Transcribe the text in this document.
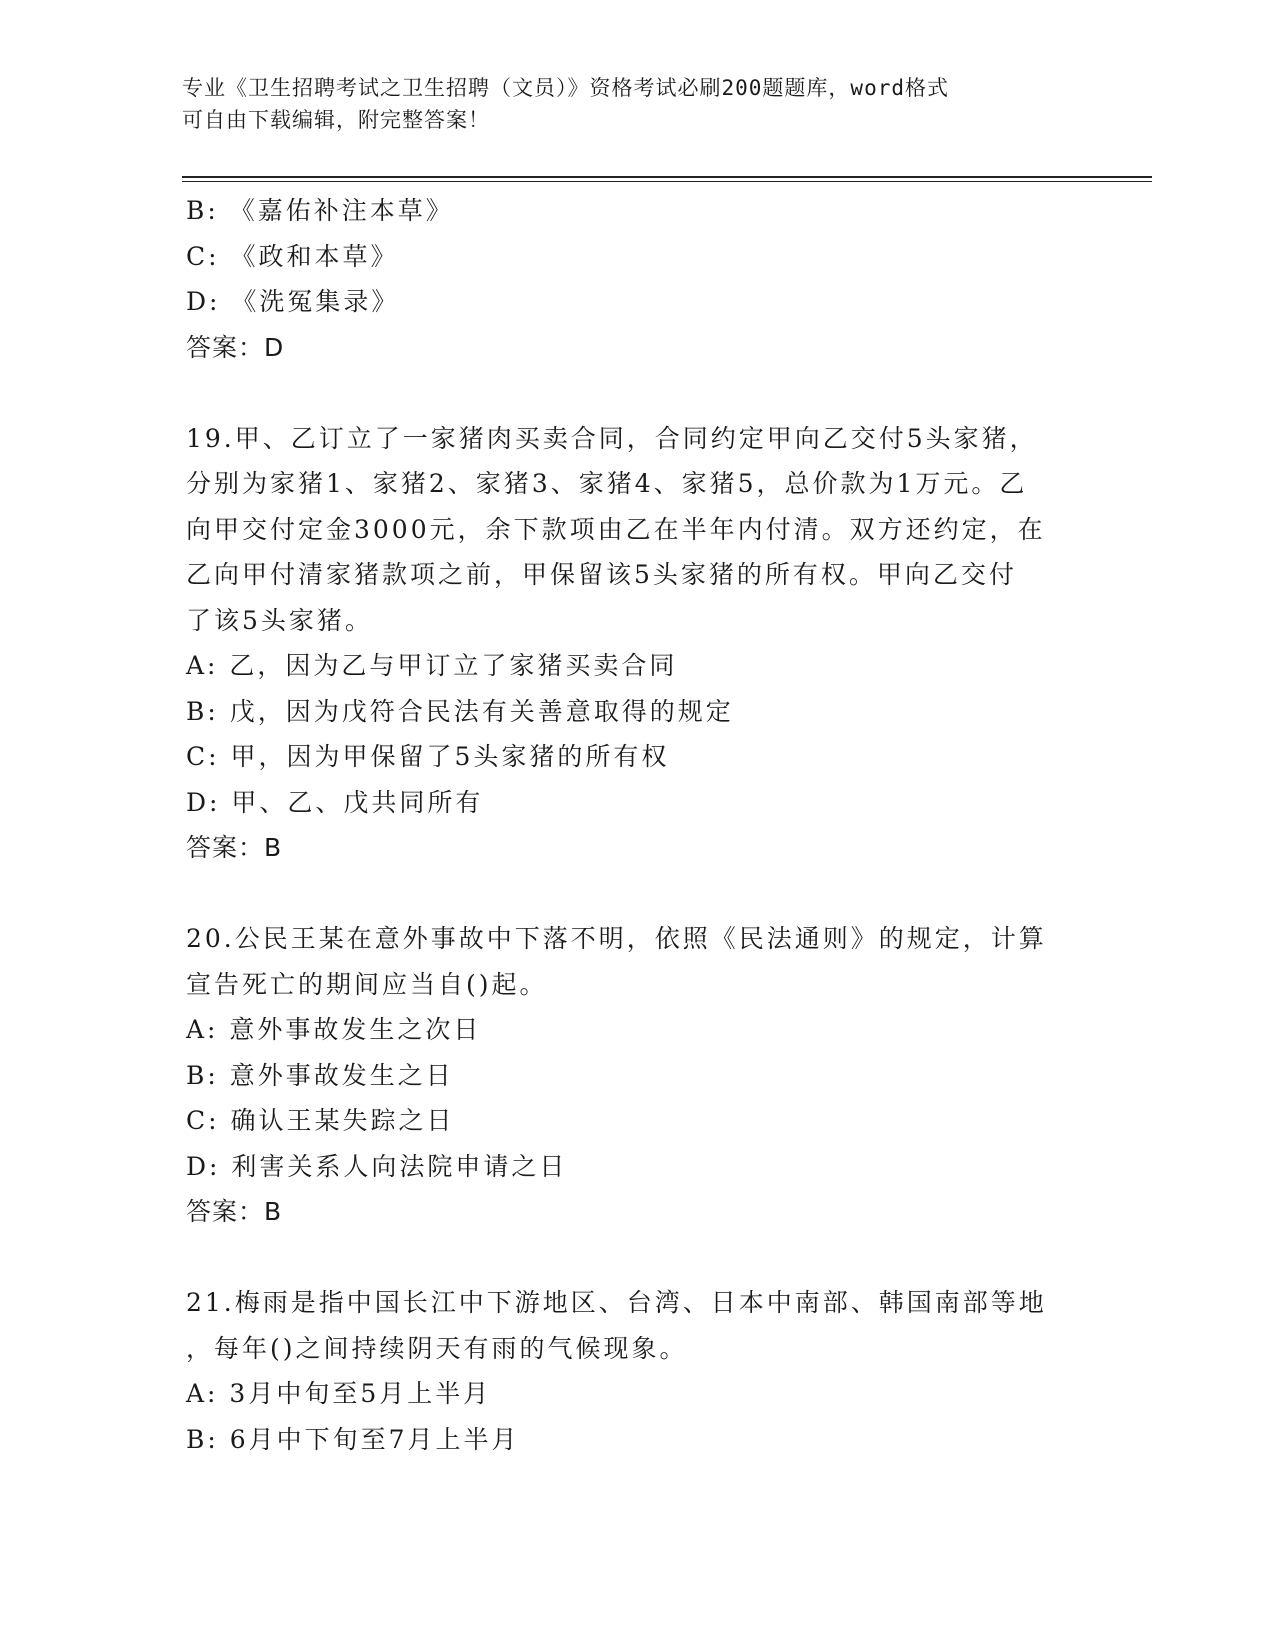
专业《卫生招聘考试之卫生招聘（文员）》资格考试必刷200题题库，word格式
可自由下载编辑，附完整答案！

B: 《嘉佑补注本草》

C: 《政和本草》

D: 《洗冤集录》

答案：D

19.甲、乙订立了一家猪肉买卖合同，合同约定甲向乙交付5头家猪，

分别为家猪1、家猪2、家猪3、家猪4、家猪5，总价款为1万元。乙

向甲交付定金3000元，余下款项由乙在半年内付清。双方还约定，在

乙向甲付清家猪款项之前，甲保留该5头家猪的所有权。甲向乙交付

了该5头家猪。

A: 乙，因为乙与甲订立了家猪买卖合同

B: 戊，因为戊符合民法有关善意取得的规定

C: 甲，因为甲保留了5头家猪的所有权

D: 甲、乙、戊共同所有

答案：B

20.公民王某在意外事故中下落不明，依照《民法通则》的规定，计算

宣告死亡的期间应当自()起。

A: 意外事故发生之次日

B: 意外事故发生之日

C: 确认王某失踪之日

D: 利害关系人向法院申请之日

答案：B

21.梅雨是指中国长江中下游地区、台湾、日本中南部、韩国南部等地

，每年()之间持续阴天有雨的气候现象。

A: 3月中旬至5月上半月

B: 6月中下旬至7月上半月
